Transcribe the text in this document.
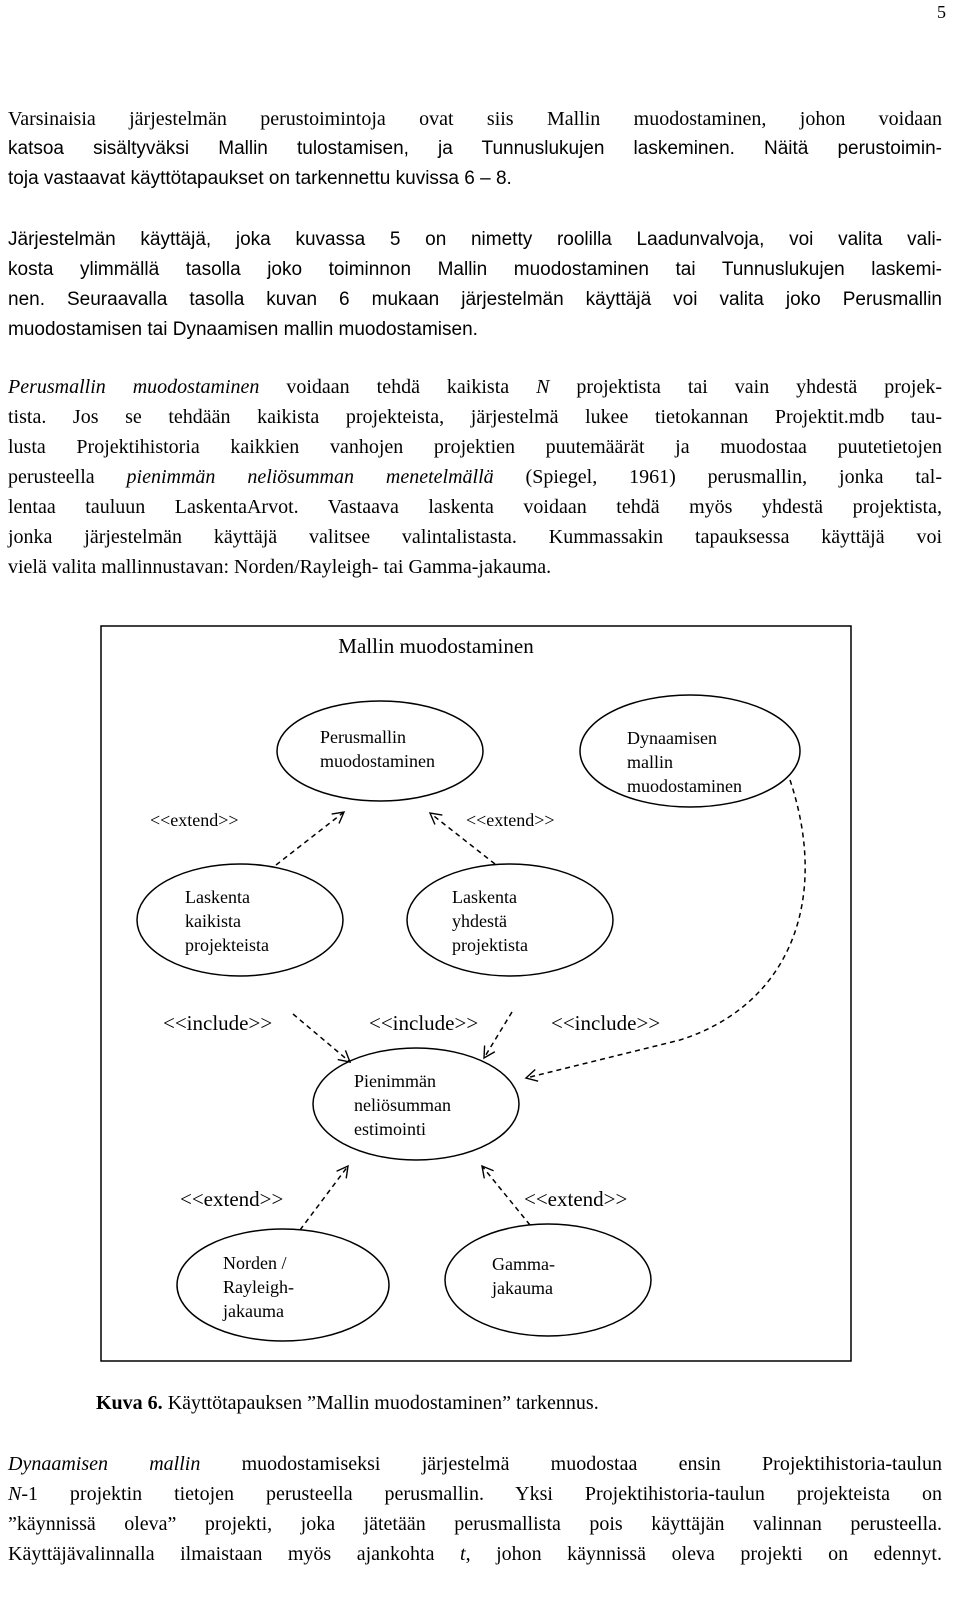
5
Varsinaisia järjestelmän perustoimintoja ovat siis Mallin muodostaminen, johon voidaan
katsoa sisältyväksi Mallin tulostamisen, ja Tunnuslukujen laskeminen. Näitä perustoimin-
toja vastaavat käyttötapaukset on tarkennettu kuvissa 6 – 8.
Järjestelmän käyttäjä, joka kuvassa 5 on nimetty roolilla Laadunvalvoja, voi valita vali-
kosta ylimmällä tasolla joko toiminnon Mallin muodostaminen tai Tunnuslukujen laskemi-
nen. Seuraavalla tasolla kuvan 6 mukaan järjestelmän käyttäjä voi valita joko Perusmallin
muodostamisen tai Dynaamisen mallin muodostamisen.
Perusmallin muodostaminen voidaan tehdä kaikista N projektista tai vain yhdestä projek-
tista. Jos se tehdään kaikista projekteista, järjestelmä lukee tietokannan Projektit.mdb tau-
lusta Projektihistoria kaikkien vanhojen projektien puutemäärät ja muodostaa puutetietojen
perusteella pienimmän neliösumman menetelmällä (Spiegel, 1961) perusmallin, jonka tal-
lentaa tauluun LaskentaArvot. Vastaava laskenta voidaan tehdä myös yhdestä projektista,
jonka järjestelmän käyttäjä valitsee valintalistasta. Kummassakin tapauksessa käyttäjä voi
vielä valita mallinnustavan: Norden/Rayleigh- tai Gamma-jakauma.
Mallin muodostaminen
Perusmallin muodostaminen
Dynaamisen mallin muodostaminen
Laskenta kaikista projekteista
Laskenta yhdestä projektista
Pienimmän neliösumman estimointi
Norden / Rayleigh- jakauma
Gamma- jakauma
<<extend>>	<<extend>>
<<include>>	<<include>>	<<include>>
<<extend>>	<<extend>>
Kuva 6. Käyttötapauksen ”Mallin muodostaminen” tarkennus.
Dynaamisen mallin muodostamiseksi järjestelmä muodostaa ensin Projektihistoria-taulun
N-1 projektin tietojen perusteella perusmallin. Yksi Projektihistoria-taulun projekteista on
”käynnissä oleva” projekti, joka jätetään perusmallista pois käyttäjän valinnan perusteella.
Käyttäjävalinnalla ilmaistaan myös ajankohta t, johon käynnissä oleva projekti on edennyt.
